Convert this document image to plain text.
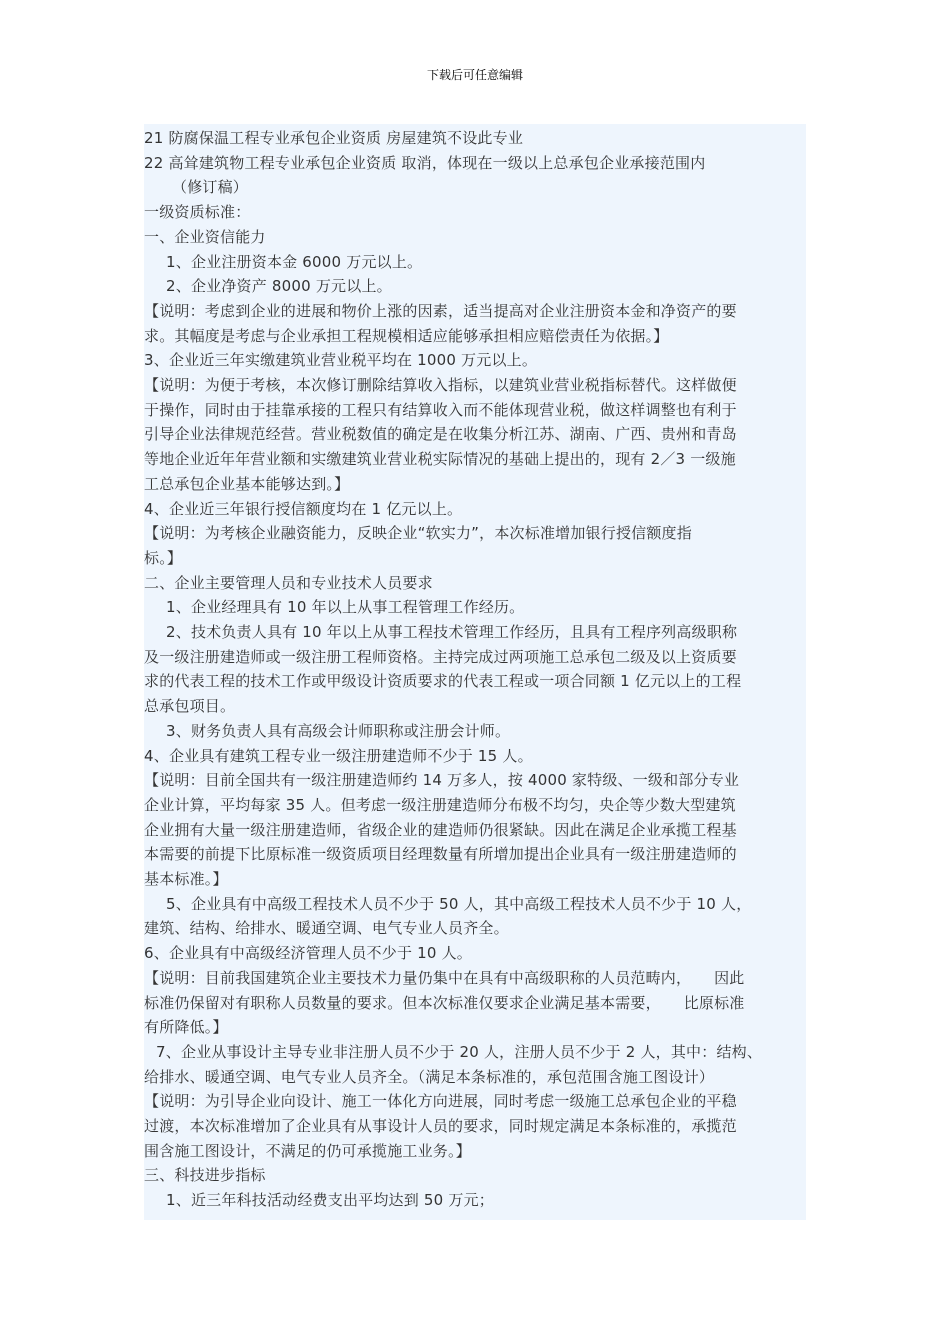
下载后可任意编辑
21 防腐保温工程专业承包企业资质 房屋建筑不设此专业
22 高耸建筑物工程专业承包企业资质 取消，体现在一级以上总承包企业承接范围内
（修订稿）
一级资质标准：
一、企业资信能力
1、企业注册资本金 6000 万元以上。
2、企业净资产 8000 万元以上。
【说明：考虑到企业的进展和物价上涨的因素，适当提高对企业注册资本金和净资产的要
求。其幅度是考虑与企业承担工程规模相适应能够承担相应赔偿责任为依据。】
3、企业近三年实缴建筑业营业税平均在 1000 万元以上。
【说明：为便于考核，本次修订删除结算收入指标，以建筑业营业税指标替代。这样做便
于操作，同时由于挂靠承接的工程只有结算收入而不能体现营业税，做这样调整也有利于
引导企业法律规范经营。营业税数值的确定是在收集分析江苏、湖南、广西、贵州和青岛
等地企业近年年营业额和实缴建筑业营业税实际情况的基础上提出的，现有 2／3 一级施
工总承包企业基本能够达到。】
4、企业近三年银行授信额度均在 1 亿元以上。
【说明：为考核企业融资能力，反映企业“软实力”，本次标准增加银行授信额度指
标。】
二、企业主要管理人员和专业技术人员要求
1、企业经理具有 10 年以上从事工程管理工作经历。
2、技术负责人具有 10 年以上从事工程技术管理工作经历，且具有工程序列高级职称
及一级注册建造师或一级注册工程师资格。主持完成过两项施工总承包二级及以上资质要
求的代表工程的技术工作或甲级设计资质要求的代表工程或一项合同额 1 亿元以上的工程
总承包项目。
3、财务负责人具有高级会计师职称或注册会计师。
4、企业具有建筑工程专业一级注册建造师不少于 15 人。
【说明：目前全国共有一级注册建造师约 14 万多人，按 4000 家特级、一级和部分专业
企业计算，平均每家 35 人。但考虑一级注册建造师分布极不均匀，央企等少数大型建筑
企业拥有大量一级注册建造师，省级企业的建造师仍很紧缺。因此在满足企业承揽工程基
本需要的前提下比原标准一级资质项目经理数量有所增加提出企业具有一级注册建造师的
基本标准。】
5、企业具有中高级工程技术人员不少于 50 人，其中高级工程技术人员不少于 10 人，
建筑、结构、给排水、暖通空调、电气专业人员齐全。
6、企业具有中高级经济管理人员不少于 10 人。
【说明：目前我国建筑企业主要技术力量仍集中在具有中高级职称的人员范畴内，　　因此
标准仍保留对有职称人员数量的要求。但本次标准仅要求企业满足基本需要，　　比原标准
有所降低。】
7、企业从事设计主导专业非注册人员不少于 20 人，注册人员不少于 2 人，其中：结构、
给排水、暖通空调、电气专业人员齐全。（满足本条标准的，承包范围含施工图设计）
【说明：为引导企业向设计、施工一体化方向进展，同时考虑一级施工总承包企业的平稳
过渡，本次标准增加了企业具有从事设计人员的要求，同时规定满足本条标准的，承揽范
围含施工图设计，不满足的仍可承揽施工业务。】
三、科技进步指标
1、近三年科技活动经费支出平均达到 50 万元；
